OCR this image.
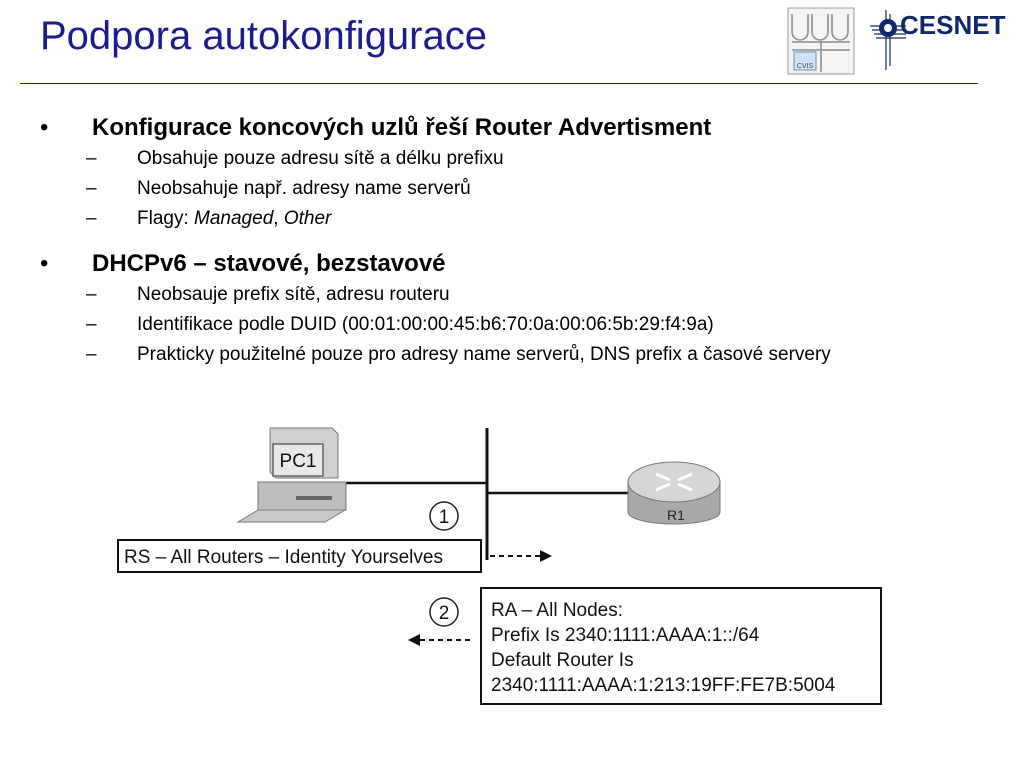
Podpora autokonfigurace
CVIS
CESNET
• Konfigurace koncových uzlů řeší Router Advertisment
– Obsahuje pouze adresu sítě a délku prefixu
– Neobsahuje např. adresy name serverů
– Flagy: Managed, Other
• DHCPv6 – stavové, bezstavové
– Neobsauje prefix sítě, adresu routeru
– Identifikace podle DUID (00:01:00:00:45:b6:70:0a:00:06:5b:29:f4:9a)
– Prakticky použitelné pouze pro adresy name serverů, DNS prefix a časové servery
PC1
R1
1
RS – All Routers – Identity Yourselves
2 RA – All Nodes:
Prefix Is 2340:1111:AAAA:1::/64
Default Router Is
2340:1111:AAAA:1:213:19FF:FE7B:5004
